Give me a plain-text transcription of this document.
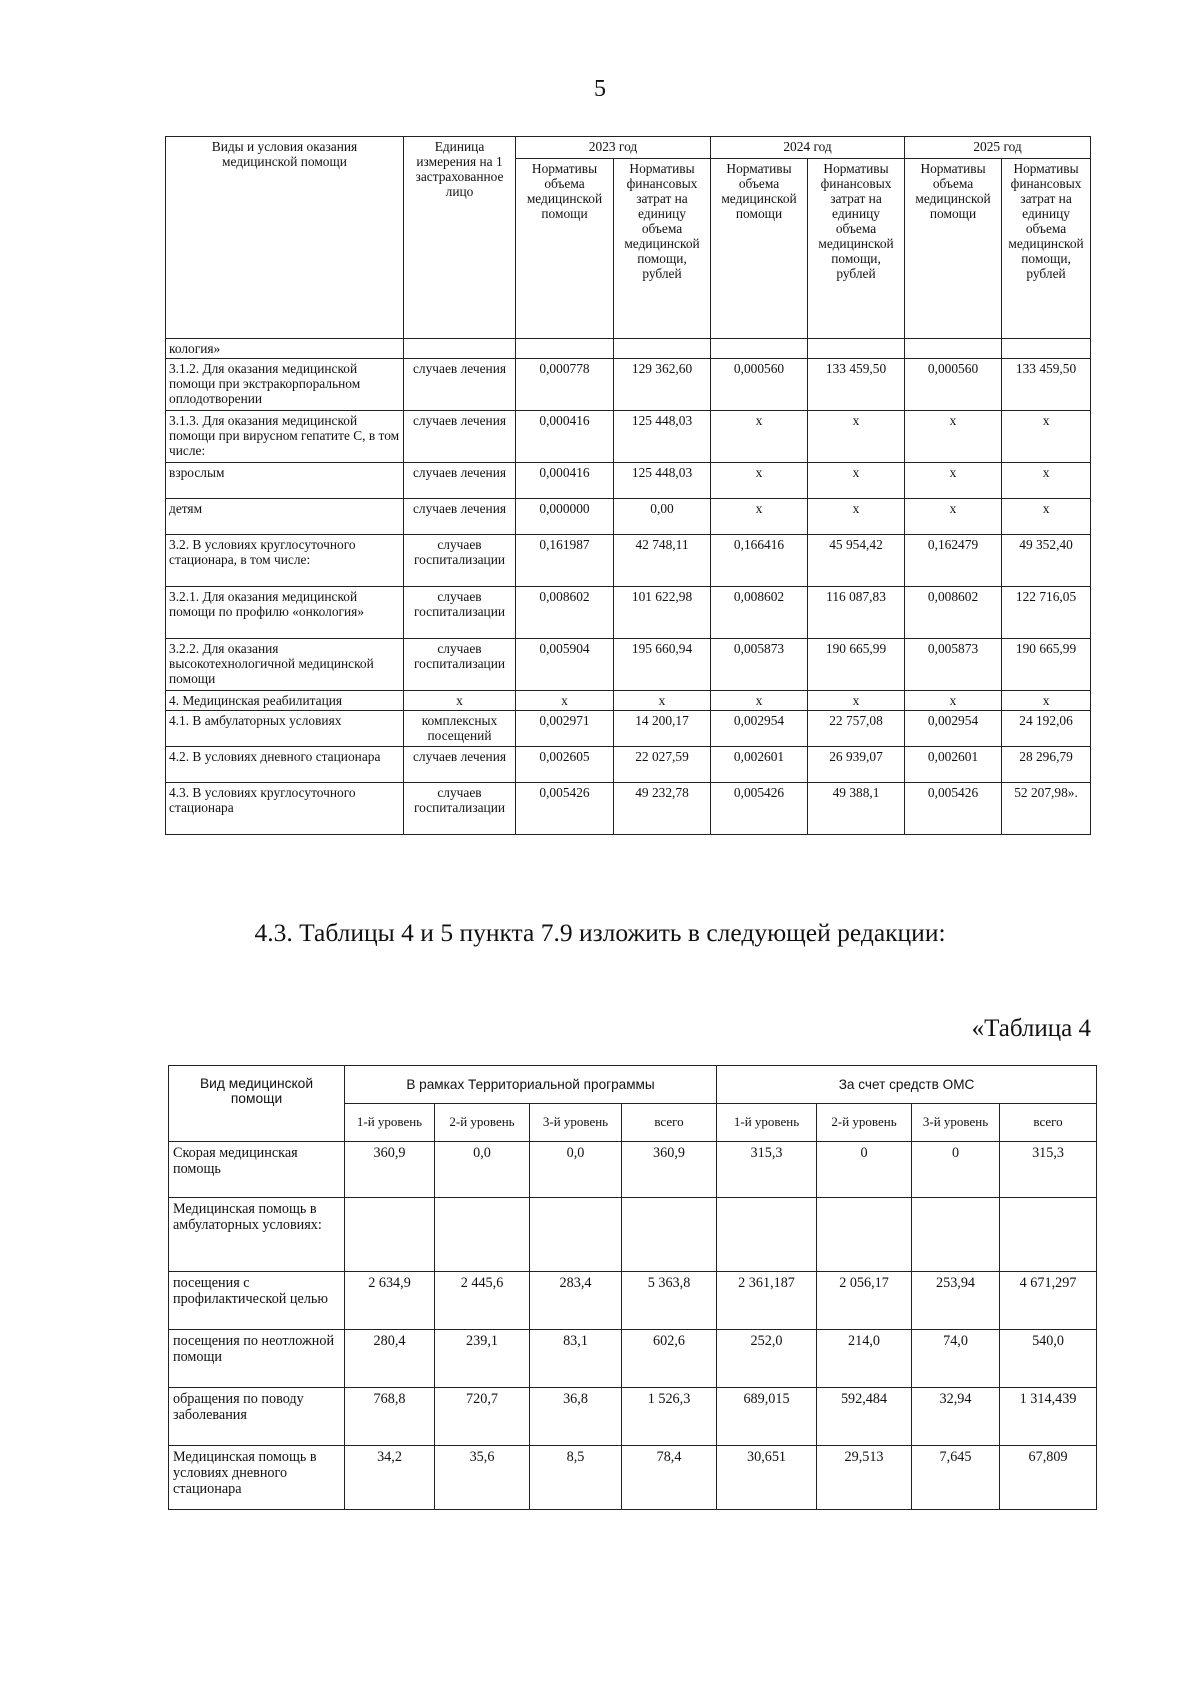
5
Виды и условия оказания медицинской помощи	Единица измерения на 1 застрахованное лицо	2023 год		2024 год		2025 год	
		Нормативы объема медицинской помощи	Нормативы финансовых затрат на единицу объема медицинской помощи, рублей	Нормативы объема медицинской помощи	Нормативы финансовых затрат на единицу объема медицинской помощи, рублей	Нормативы объема медицинской помощи	Нормативы финансовых затрат на единицу объема медицинской помощи, рублей
кология»							
3.1.2. Для оказания медицинской помощи при экстракорпоральном оплодотворении	случаев лечения	0,000778	129 362,60	0,000560	133 459,50	0,000560	133 459,50
3.1.3. Для оказания медицинской помощи при вирусном гепатите С, в том числе:	случаев лечения	0,000416	125 448,03	х	х	х	х
взрослым	случаев лечения	0,000416	125 448,03	х	х	х	х
детям	случаев лечения	0,000000	0,00	х	х	х	х
3.2. В условиях круглосуточного стационара, в том числе:	случаев госпитализации	0,161987	42 748,11	0,166416	45 954,42	0,162479	49 352,40
3.2.1. Для оказания медицинской помощи по профилю «онкология»	случаев госпитализации	0,008602	101 622,98	0,008602	116 087,83	0,008602	122 716,05
3.2.2. Для оказания высокотехнологичной медицинской помощи	случаев госпитализации	0,005904	195 660,94	0,005873	190 665,99	0,005873	190 665,99
4. Медицинская реабилитация	х	х	х	х	х	х	х
4.1. В амбулаторных условиях	комплексных посещений	0,002971	14 200,17	0,002954	22 757,08	0,002954	24 192,06
4.2. В условиях дневного стационара	случаев лечения	0,002605	22 027,59	0,002601	26 939,07	0,002601	28 296,79
4.3. В условиях круглосуточного стационара	случаев госпитализации	0,005426	49 232,78	0,005426	49 388,1	0,005426	52 207,98».
4.3. Таблицы 4 и 5 пункта 7.9 изложить в следующей редакции:
«Таблица 4
Вид медицинской помощи	В рамках Территориальной программы				За счет средств ОМС			
	1-й уровень	2-й уровень	3-й уровень	всего	1-й уровень	2-й уровень	3-й уровень	всего
Скорая медицинская помощь	360,9	0,0	0,0	360,9	315,3	0	0	315,3
Медицинская помощь в амбулаторных условиях:								
посещения с профилактической целью	2 634,9	2 445,6	283,4	5 363,8	2 361,187	2 056,17	253,94	4 671,297
посещения по неотложной помощи	280,4	239,1	83,1	602,6	252,0	214,0	74,0	540,0
обращения по поводу заболевания	768,8	720,7	36,8	1 526,3	689,015	592,484	32,94	1 314,439
Медицинская помощь в условиях дневного стационара	34,2	35,6	8,5	78,4	30,651	29,513	7,645	67,809
